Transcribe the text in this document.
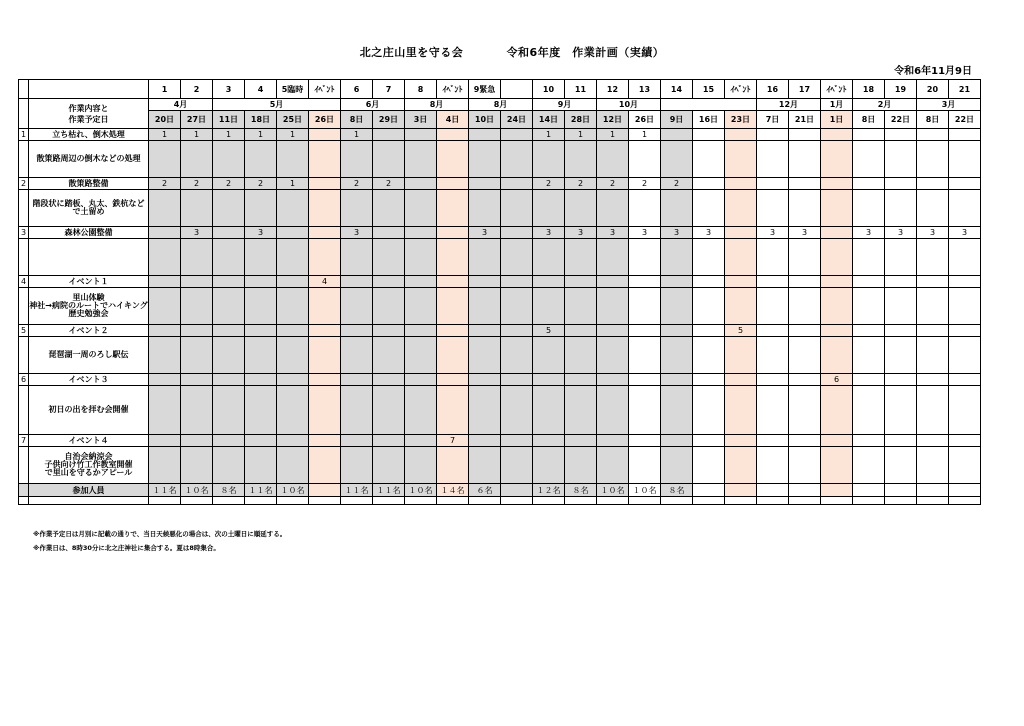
北之庄山里を守る会	令和6年度　作業計画（実績）
令和6年11月9日
		1	2	3	4	5臨時	ｲﾍﾞﾝﾄ	6	7	8	ｲﾍﾞﾝﾄ	9緊急		10	11	12	13	14	15	ｲﾍﾞﾝﾄ	16	17	ｲﾍﾞﾝﾄ	18	19	20	21
	作業内容と
作業予定日	4月		5月				6月		8月		8月		9月		10月					12月		1月	2月		3月	
		20日	27日	11日	18日	25日	26日	8日	29日	3日	4日	10日	24日	14日	28日	12日	26日	9日	16日	23日	7日	21日	1日	8日	22日	8日	22日
1	立ち枯れ、倒木処理	1	1	1	1	1		1						1	1	1	1										
	散策路周辺の倒木などの処理																										
2	散策路整備	2	2	2	2	1		2	2					2	2	2	2	2									
	階段状に踏板、丸太、鉄杭などで土留め																										
3	森林公園整備		3		3			3				3		3	3	3	3	3	3		3	3		3	3	3	3

4	イベント１						4																				
	里山体験
神社→病院のルートでハイキング
歴史勉強会																										
5	イベント２													5						5							
	琵琶湖一周のろし駅伝																										
6	イベント３																						6				
	初日の出を拝む会開催																										
7	イベント４										7																
	自治会納涼会
子供向け竹工作教室開催
で里山を守るかアピール																										
	参加人員	１１名	１０名	８名	１１名	１０名		１１名	１１名	１０名	１４名	６名		１２名	８名	１０名	１０名	８名									

※作業予定日は月別に記載の通りで、当日天候悪化の場合は、次の土曜日に順延する。
※作業日は、8時30分に北之庄神社に集合する。夏は8時集合。
